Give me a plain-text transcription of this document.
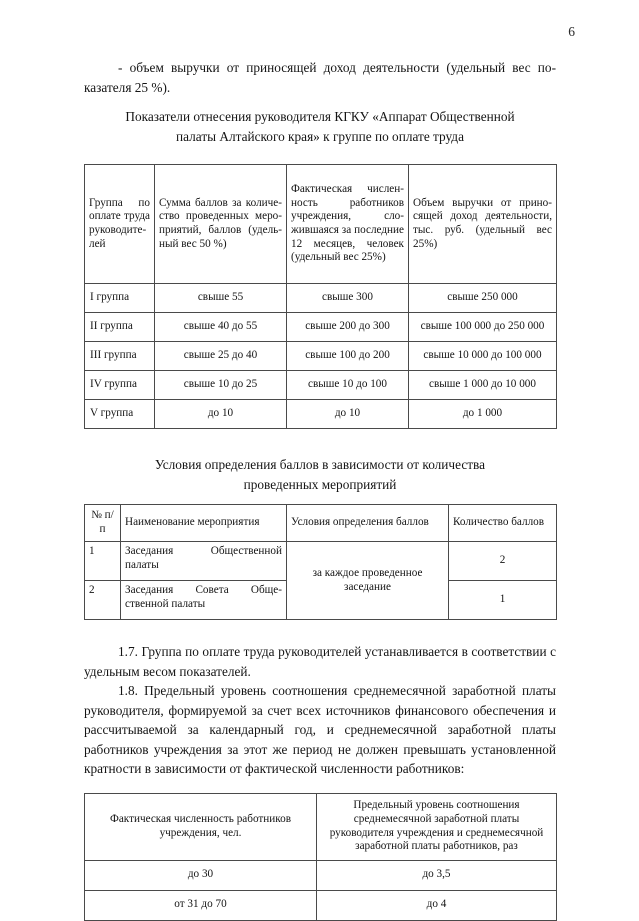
6

- объем выручки от приносящей доход деятельности (удельный вес показателя 25 %).

Показатели отнесения руководителя КГКУ «Аппарат Общественной
палаты Алтайского края» к группе по оплате труда
Группа по оплате труда руководителей	Сумма баллов за количество проведенных мероприятий, баллов (удельный вес 50 %)	Фактическая численность работников учреждения, сложившаяся за последние 12 месяцев, человек (удельный вес 25%)	Объем выручки от приносящей доход деятельности, тыс. руб. (удельный вес 25%)
I группа	свыше 55	свыше 300	свыше 250 000
II группа	свыше 40 до 55	свыше 200 до 300	свыше 100 000 до 250 000
III группа	свыше 25 до 40	свыше 100 до 200	свыше 10 000 до 100 000
IV группа	свыше 10 до 25	свыше 10 до 100	свыше 1 000 до 10 000
V группа	до 10	до 10	до 1 000
Условия определения баллов в зависимости от количества
проведенных мероприятий
№ п/п	Наименование мероприятия	Условия определения баллов	Количество баллов
1	Заседания Общественной палаты	за каждое проведенное заседание	2
2	Заседания Совета Общественной палаты		1

1.7. Группа по оплате труда руководителей устанавливается в соответствии с удельным весом показателей.

1.8. Предельный уровень соотношения среднемесячной заработной платы руководителя, формируемой за счет всех источников финансового обеспечения и рассчитываемой за календарный год, и среднемесячной заработной платы работников учреждения за этот же период не должен превышать установленной кратности в зависимости от фактической численности работников:

Фактическая численность работников учреждения, чел.	Предельный уровень соотношения среднемесячной заработной платы руководителя учреждения и среднемесячной заработной платы работников, раз
до 30	до 3,5
от 31 до 70	до 4
